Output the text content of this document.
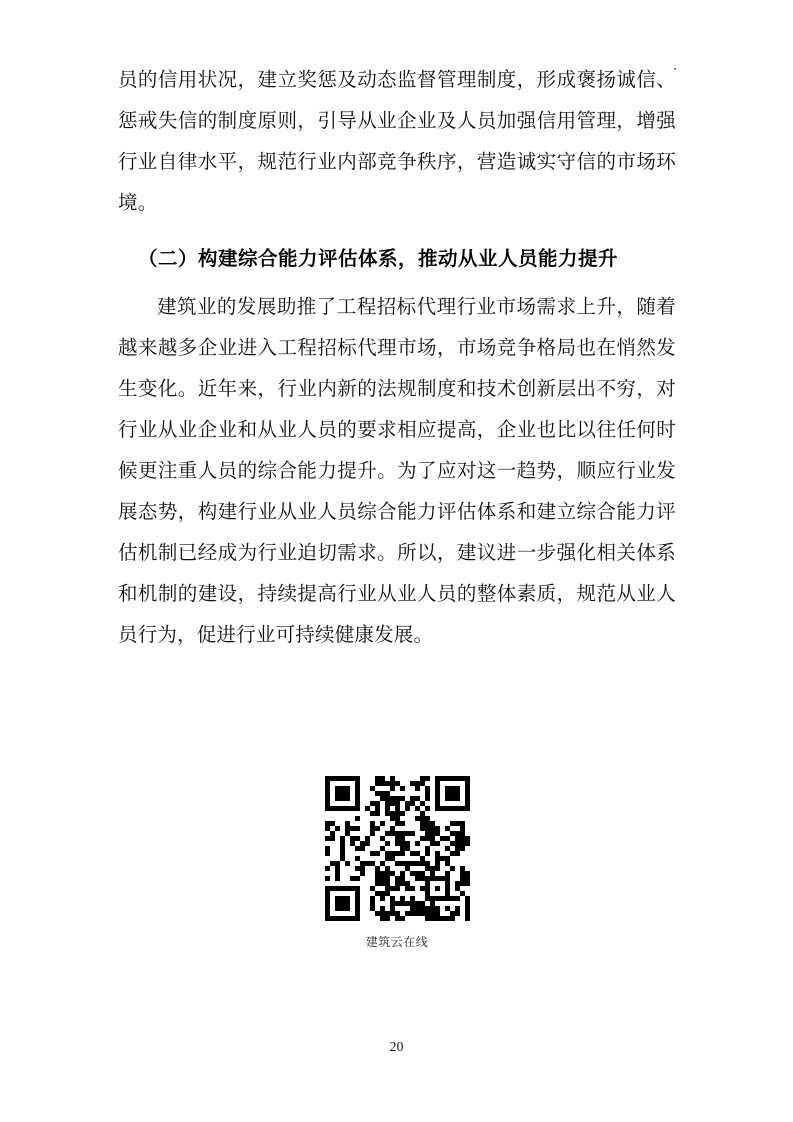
员的信用状况，建立奖惩及动态监督管理制度，形成褒扬诚信、惩戒失信的制度原则，引导从业企业及人员加强信用管理，增强行业自律水平，规范行业内部竞争秩序，营造诚实守信的市场环境。

（二）构建综合能力评估体系，推动从业人员能力提升

建筑业的发展助推了工程招标代理行业市场需求上升，随着越来越多企业进入工程招标代理市场，市场竞争格局也在悄然发生变化。近年来，行业内新的法规制度和技术创新层出不穷，对行业从业企业和从业人员的要求相应提高，企业也比以往任何时候更注重人员的综合能力提升。为了应对这一趋势，顺应行业发展态势，构建行业从业人员综合能力评估体系和建立综合能力评估机制已经成为行业迫切需求。所以，建议进一步强化相关体系和机制的建设，持续提高行业从业人员的整体素质，规范从业人员行为，促进行业可持续健康发展。

建筑云在线
20
